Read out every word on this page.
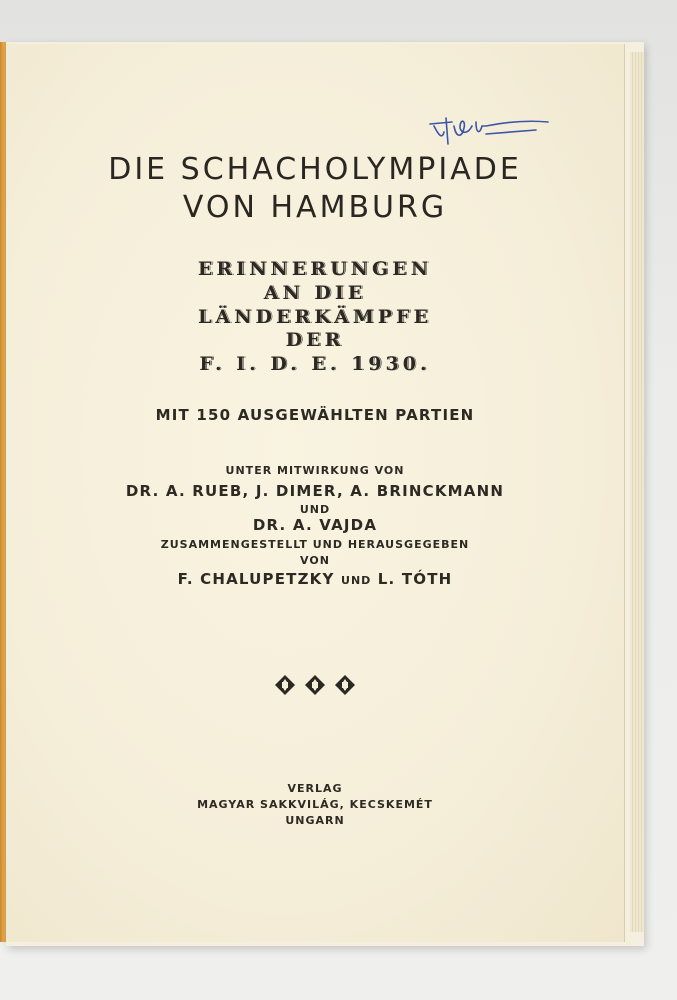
DIE SCHACHOLYMPIADE
VON HAMBURG
ERINNERUNGEN
AN DIE
LÄNDERKÄMPFE
DER
F. I. D. E. 1930.
MIT 150 AUSGEWÄHLTEN PARTIEN
UNTER MITWIRKUNG VON
DR. A. RUEB, J. DIMER, A. BRINCKMANN
UND
DR. A. VAJDA
ZUSAMMENGESTELLT UND HERAUSGEGEBEN
VON
F. CHALUPETZKY UND L. TÓTH
VERLAG
MAGYAR SAKKVILÁG, KECSKEMÉT
UNGARN
